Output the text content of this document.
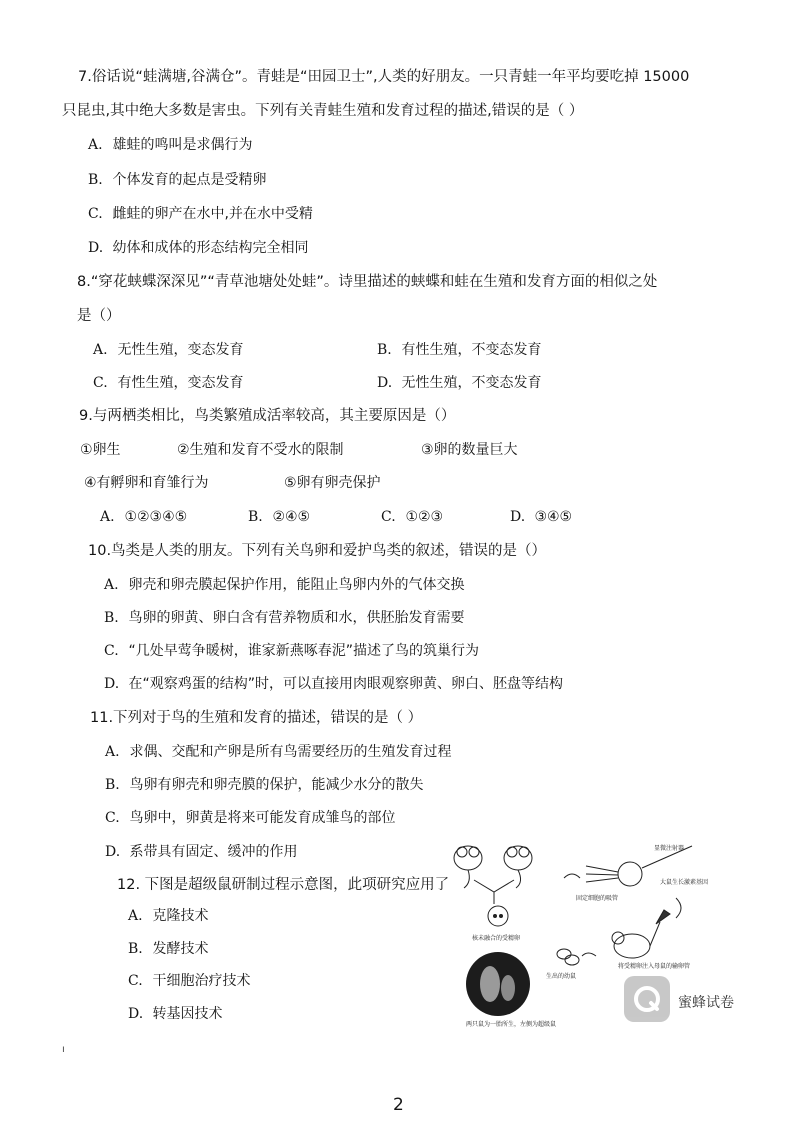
7.俗话说“蛙满塘,谷满仓”。青蛙是“田园卫士”,人类的好朋友。一只青蛙一年平均要吃掉 15000
只昆虫,其中绝大多数是害虫。下列有关青蛙生殖和发育过程的描述,错误的是（ ）
A. 雄蛙的鸣叫是求偶行为
B. 个体发育的起点是受精卵
C. 雌蛙的卵产在水中,并在水中受精
D. 幼体和成体的形态结构完全相同
8.“穿花蛱蝶深深见”“青草池塘处处蛙”。诗里描述的蛱蝶和蛙在生殖和发育方面的相似之处
是（）
A. 无性生殖，变态发育	B. 有性生殖，不变态发育
C. 有性生殖，变态发育	D. 无性生殖，不变态发育
9.与两栖类相比，鸟类繁殖成活率较高，其主要原因是（）
①卵生	②生殖和发育不受水的限制	③卵的数量巨大
④有孵卵和育雏行为	⑤卵有卵壳保护
A. ①②③④⑤	B. ②④⑤	C. ①②③	D. ③④⑤
10.鸟类是人类的朋友。下列有关鸟卵和爱护鸟类的叙述，错误的是（）
A. 卵壳和卵壳膜起保护作用，能阻止鸟卵内外的气体交换
B. 鸟卵的卵黄、卵白含有营养物质和水，供胚胎发育需要
C. “几处早莺争暖树，谁家新燕啄春泥”描述了鸟的筑巢行为
D. 在“观察鸡蛋的结构”时，可以直接用肉眼观察卵黄、卵白、胚盘等结构
11.下列对于鸟的生殖和发育的描述，错误的是（ ）
A. 求偶、交配和产卵是所有鸟需要经历的生殖发育过程
B. 鸟卵有卵壳和卵壳膜的保护，能减少水分的散失
C. 鸟卵中，卵黄是将来可能发育成雏鸟的部位
D. 系带具有固定、缓冲的作用
12. 下图是超级鼠研制过程示意图，此项研究应用了
A. 克隆技术
B. 发酵技术
C. 干细胞治疗技术
D. 转基因技术
核未融合的受精卵
显微注射器
大鼠生长激素基因
固定细胞的吸管
将受精卵注入母鼠的输卵管
生出的幼鼠
两只鼠为一胎所生，左侧为超级鼠
蜜蜂试卷
ı
2
